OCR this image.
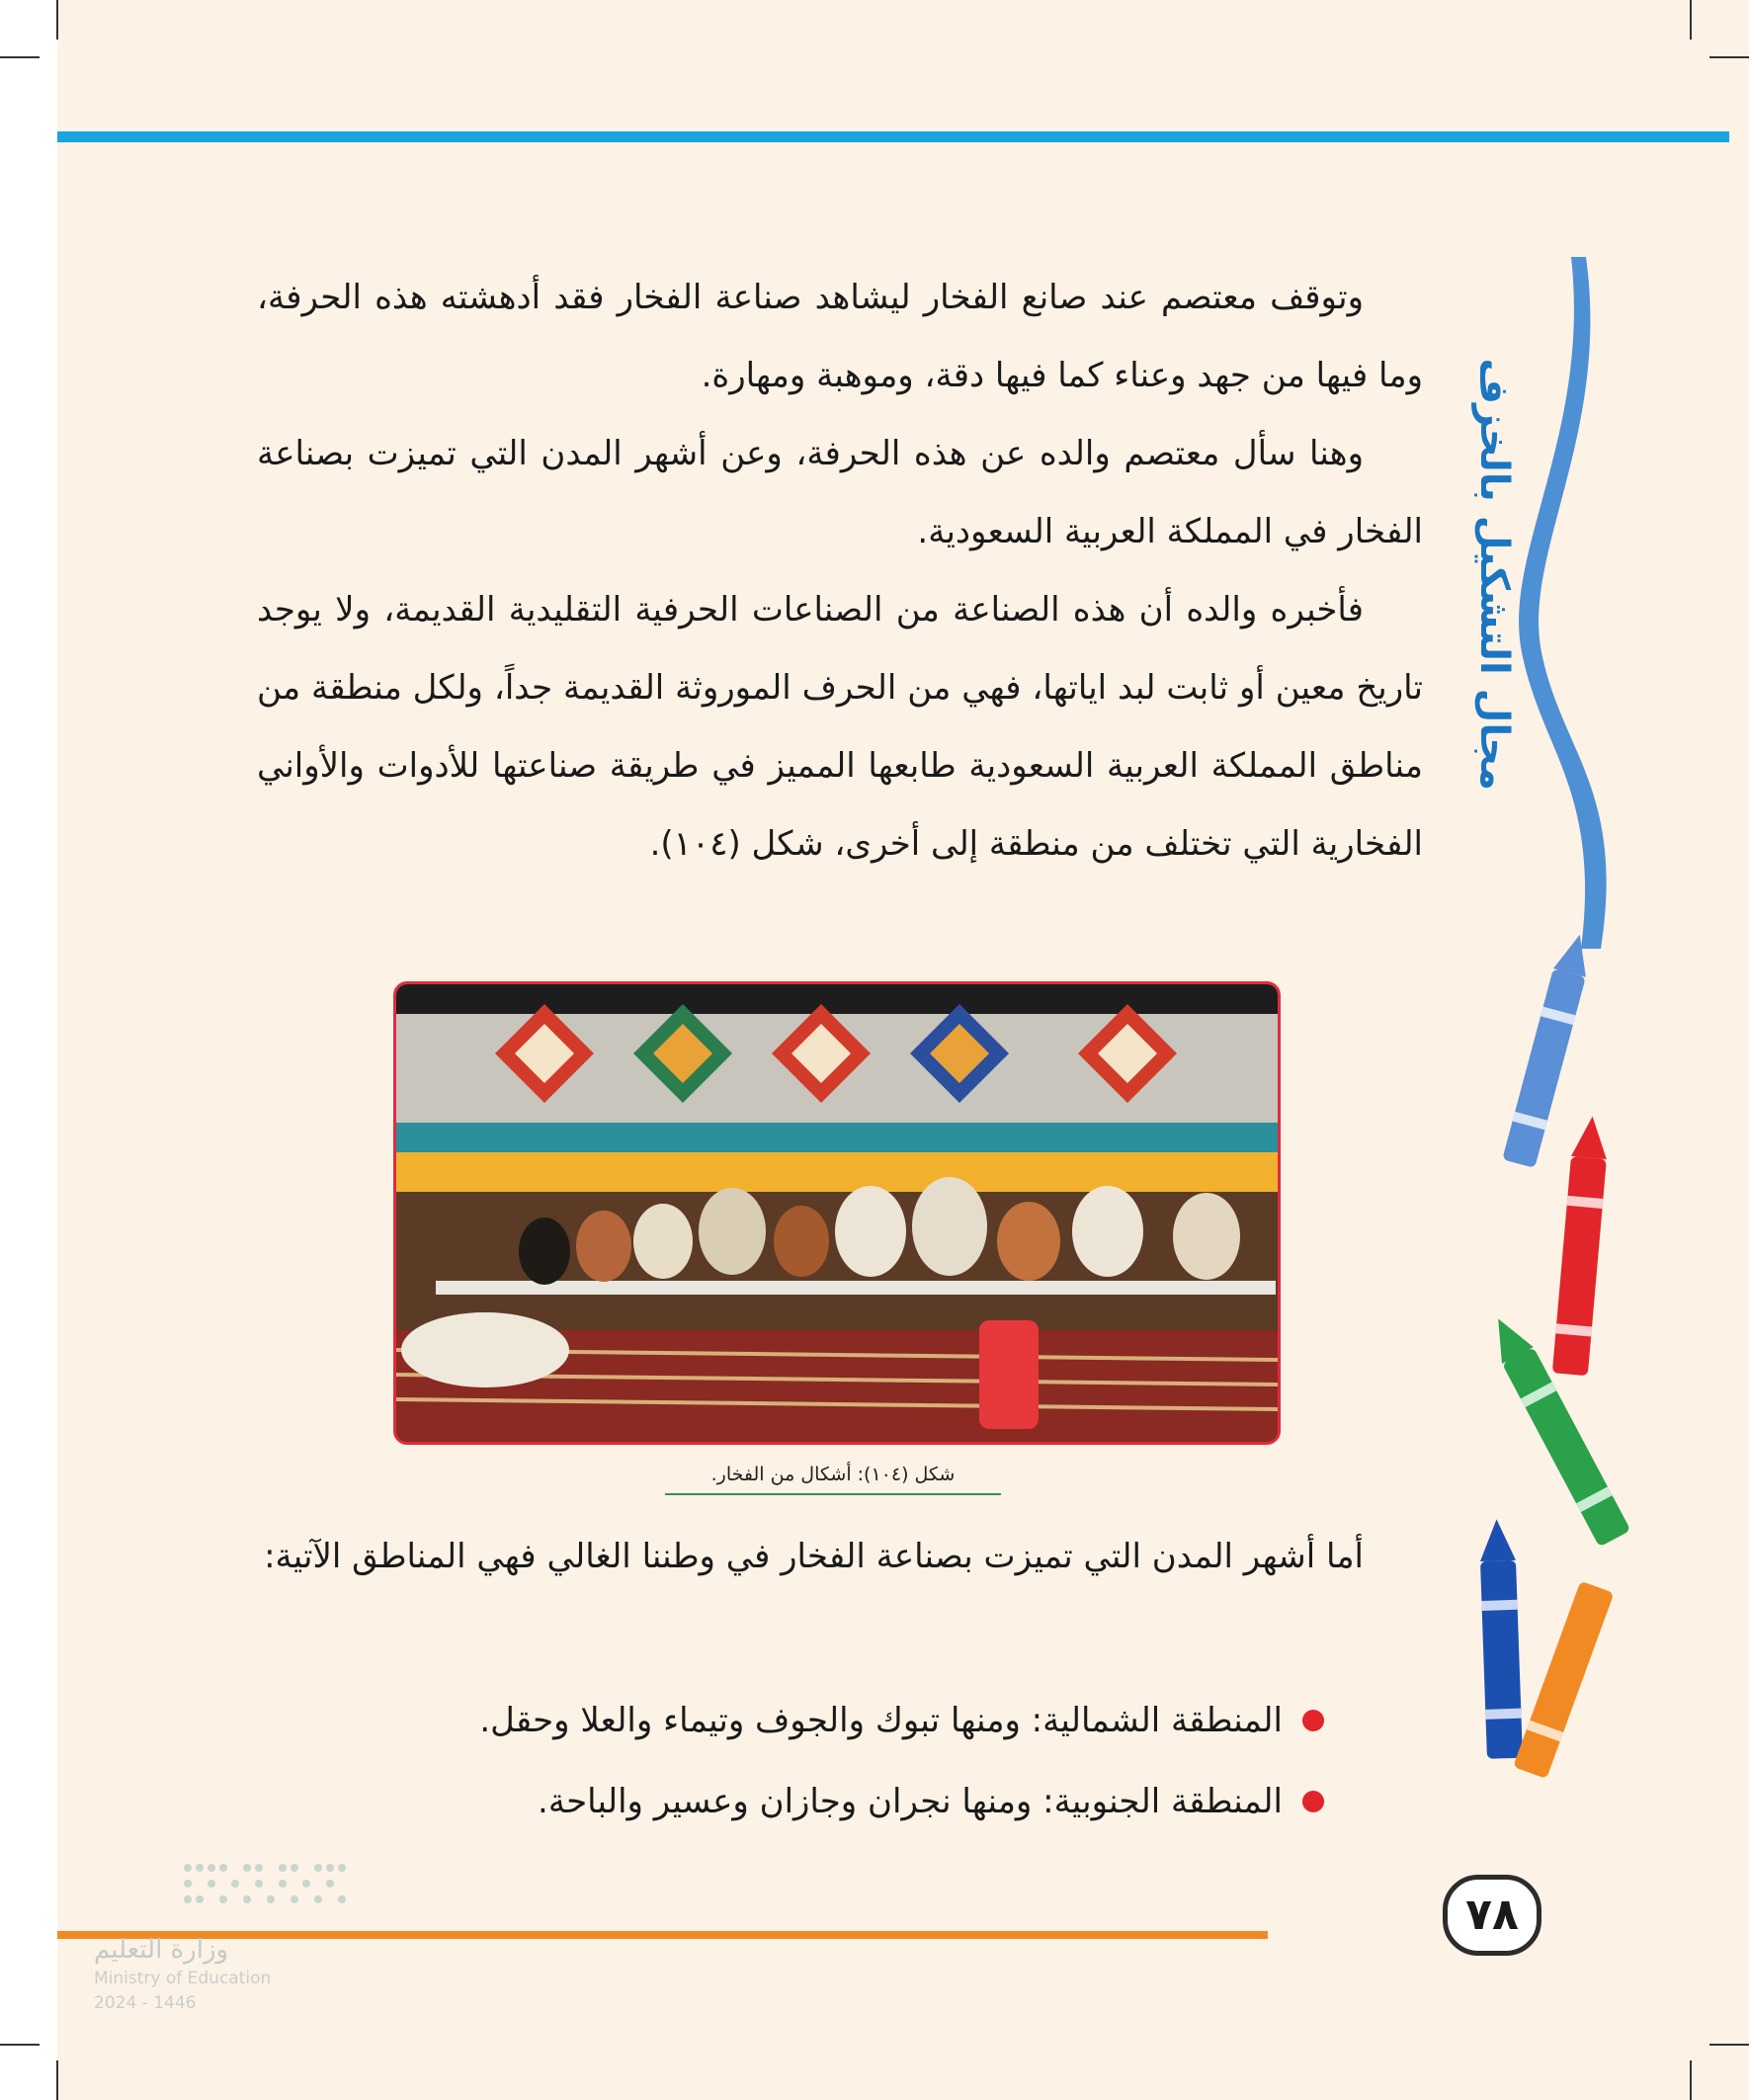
مجال التشكيل بالخزف

وتوقف معتصم عند صانع الفخار ليشاهد صناعة الفخار فقد أدهشته هذه الحرفة، وما فيها من جهد وعناء كما فيها دقة، وموهبة ومهارة.

وهنا سأل معتصم والده عن هذه الحرفة، وعن أشهر المدن التي تميزت بصناعة الفخار في المملكة العربية السعودية.

فأخبره والده أن هذه الصناعة من الصناعات الحرفية التقليدية القديمة، ولا يوجد تاريخ معين أو ثابت لبد اياتها، فهي من الحرف الموروثة القديمة جداً، ولكل منطقة من مناطق المملكة العربية السعودية طابعها المميز في طريقة صناعتها للأدوات والأواني الفخارية التي تختلف من منطقة إلى أخرى، شكل (١٠٤).

شكل (١٠٤): أشكال من الفخار.

أما أشهر المدن التي تميزت بصناعة الفخار في وطننا الغالي فهي المناطق الآتية:

المنطقة الشمالية: ومنها تبوك والجوف وتيماء والعلا وحقل.
المنطقة الجنوبية: ومنها نجران وجازان وعسير والباحة.
٧٨
وزارة التعليم
Ministry of Education
2024 - 1446
